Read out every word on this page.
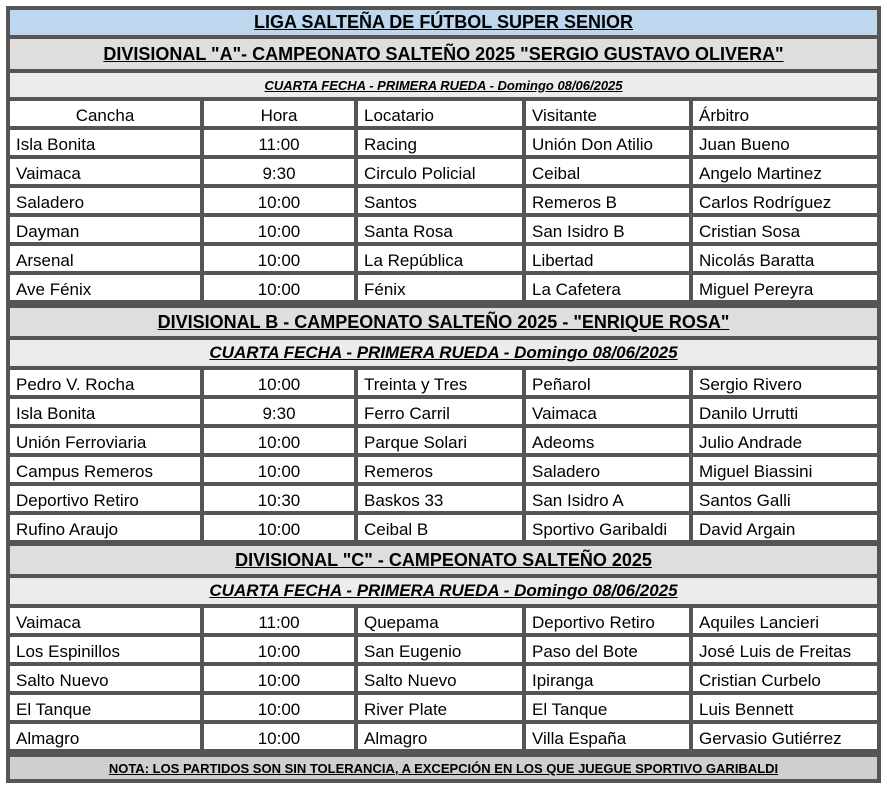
LIGA SALTEÑA DE FÚTBOL SUPER SENIOR
DIVISIONAL "A"- CAMPEONATO SALTEÑO 2025 "SERGIO GUSTAVO OLIVERA"
CUARTA FECHA - PRIMERA RUEDA - Domingo 08/06/2025
Cancha	Hora	Locatario	Visitante	Árbitro
Isla Bonita	11:00	Racing	Unión Don Atilio	Juan Bueno
Vaimaca	9:30	Circulo Policial	Ceibal	Angelo Martinez
Saladero	10:00	Santos	Remeros B	Carlos Rodríguez
Dayman	10:00	Santa Rosa	San Isidro B	Cristian Sosa
Arsenal	10:00	La República	Libertad	Nicolás Baratta
Ave Fénix	10:00	Fénix	La Cafetera	Miguel Pereyra
DIVISIONAL B - CAMPEONATO SALTEÑO 2025 - "ENRIQUE ROSA"
CUARTA FECHA - PRIMERA RUEDA - Domingo 08/06/2025
Pedro V. Rocha	10:00	Treinta y Tres	Peñarol	Sergio Rivero
Isla Bonita	9:30	Ferro Carril	Vaimaca	Danilo Urrutti
Unión Ferroviaria	10:00	Parque Solari	Adeoms	Julio Andrade
Campus Remeros	10:00	Remeros	Saladero	Miguel Biassini
Deportivo Retiro	10:30	Baskos 33	San Isidro A	Santos Galli
Rufino Araujo	10:00	Ceibal B	Sportivo Garibaldi	David Argain
DIVISIONAL "C" - CAMPEONATO SALTEÑO 2025
CUARTA FECHA - PRIMERA RUEDA - Domingo 08/06/2025
Vaimaca	11:00	Quepama	Deportivo Retiro	Aquiles Lancieri
Los Espinillos	10:00	San Eugenio	Paso del Bote	José Luis de Freitas
Salto Nuevo	10:00	Salto Nuevo	Ipiranga	Cristian Curbelo
El Tanque	10:00	River Plate	El Tanque	Luis Bennett
Almagro	10:00	Almagro	Villa España	Gervasio Gutiérrez
NOTA: LOS PARTIDOS SON SIN TOLERANCIA, A EXCEPCIÓN EN LOS QUE JUEGUE SPORTIVO GARIBALDI
